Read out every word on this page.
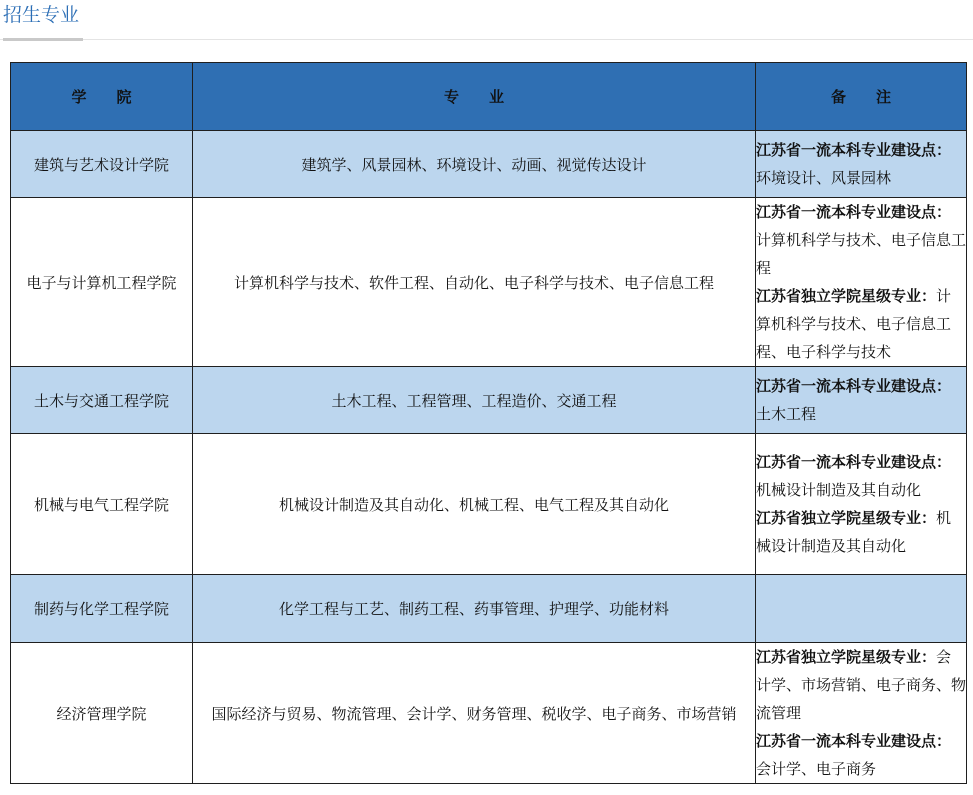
招生专业
学　　院	专　　业	备　　注
建筑与艺术设计学院	建筑学、风景园林、环境设计、动画、视觉传达设计	江苏省一流本科专业建设点：环境设计、风景园林

电子与计算机工程学院	计算机科学与技术、软件工程、自动化、电子科学与技术、电子信息工程	江苏省一流本科专业建设点：计算机科学与技术、电子信息工程
江苏省独立学院星级专业：计算机科学与技术、电子信息工程、电子科学与技术

土木与交通工程学院	土木工程、工程管理、工程造价、交通工程	江苏省一流本科专业建设点：土木工程

机械与电气工程学院	机械设计制造及其自动化、机械工程、电气工程及其自动化	江苏省一流本科专业建设点：机械设计制造及其自动化
江苏省独立学院星级专业：机械设计制造及其自动化

制药与化学工程学院	化学工程与工艺、制药工程、药事管理、护理学、功能材料	
经济管理学院	国际经济与贸易、物流管理、会计学、财务管理、税收学、电子商务、市场营销	江苏省独立学院星级专业：会计学、市场营销、电子商务、物流管理
江苏省一流本科专业建设点：会计学、电子商务
